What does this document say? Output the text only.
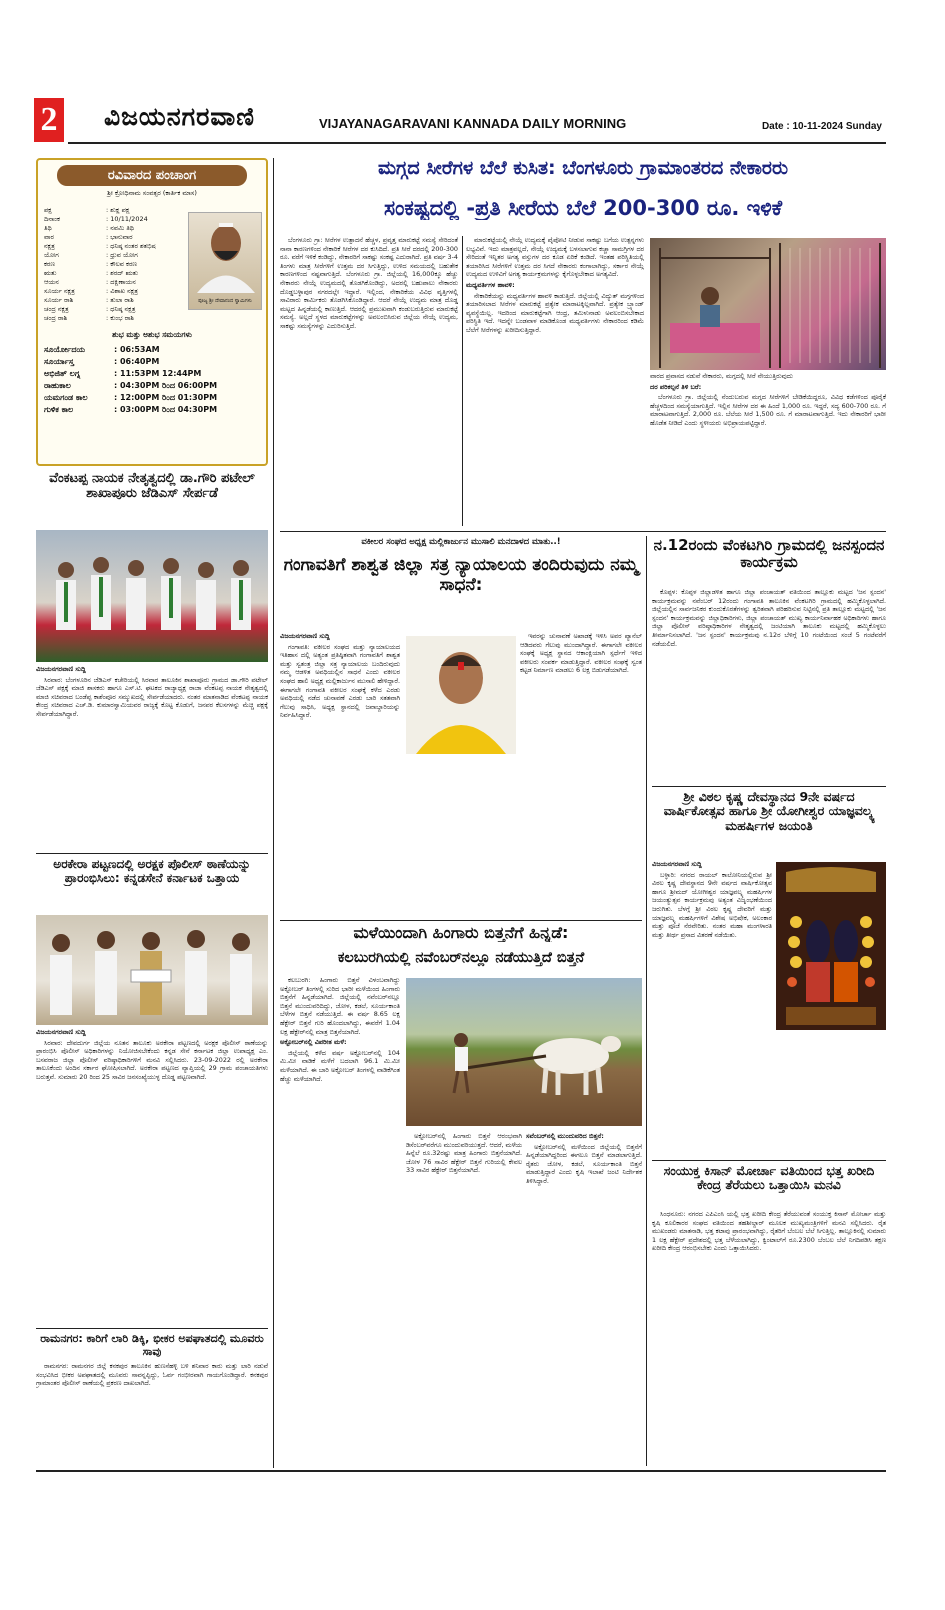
2 ವಿಜಯನಗರವಾಣಿ	VIJAYANAGARAVANI KANNADA DAILY MORNING	Date : 10-11-2024 Sunday
ರವಿವಾರದ ಪಂಚಾಂಗ
ಶ್ರೀ ಕ್ರೋಧಿನಾಮ ಸಂವತ್ಸರ (ಕಾರ್ತಿಕ ಮಾಸ)
ಪಕ್ಷ	: ಶುಕ್ಲ ಪಕ್ಷ
ದಿನಾಂಕ	: 10/11/2024
ತಿಥಿ	: ನವಮಿ ತಿಥಿ
ವಾರ	: ಭಾನುವಾರ
ನಕ್ಷತ್ರ	: ಧನಿಷ್ಠ ನಂತರ ಶತಭಿಷ
ಯೋಗ	: ಧ್ರುವ ಯೋಗ
ಕರಣ	: ಕೌಲವ ಕರಣ
ಋತು	: ಶರದ್ ಋತು
ಆಯನ	: ದಕ್ಷಿಣಾಯನ
ಸೂರ್ಯ ನಕ್ಷತ್ರ	: ವಿಶಾಖ ನಕ್ಷತ್ರ
ಸೂರ್ಯ ರಾಶಿ	: ತುಲಾ ರಾಶಿ
ಚಂದ್ರ ನಕ್ಷತ್ರ	: ಧನಿಷ್ಠ ನಕ್ಷತ್ರ
ಚಂದ್ರ ರಾಶಿ	: ಕುಂಭ ರಾಶಿ
ಪೂಜ್ಯ ಶ್ರೀ ದೇವಾನಂದ ಸ್ವಾಮಿಗಳು
ಶುಭ ಮತ್ತು ಅಶುಭ ಸಮಯಗಳು
ಸೂರ್ಯೋದಯ	: 06:53AM
ಸೂರ್ಯಾಸ್ತ	: 06:40PM
ಅಭಿಜಿತ್ ಲಗ್ನ	: 11:53PM 12:44PM
ರಾಹುಕಾಲ	: 04:30PM ರಿಂದ 06:00PM
ಯಮಗಂಡ ಕಾಲ	: 12:00PM ರಿಂದ 01:30PM
ಗುಳಿಕ ಕಾಲ	: 03:00PM ರಿಂದ 04:30PM
ವೆಂಕಟಪ್ಪ ನಾಯಕ ನೇತೃತ್ವದಲ್ಲಿ ಡಾ.ಗೌರಿ ಪಟೇಲ್ ಶಾಖಾಪೂರು ಜೆಡಿಎಸ್ ಸೇರ್ಪಡೆ
ವಿಜಯನಗರವಾಣಿ ಸುದ್ದಿ

ಸಿರವಾರ: ಬೆಂಗಳೂರಿನ ಜೆಡಿಎಸ್ ಕಚೇರಿಯಲ್ಲಿ ಸಿರವಾರ ತಾಲೂಕಿನ ಶಾಖಾಪೂರು ಗ್ರಾಮದ ಡಾ.ಗೌರಿ ಪಟೇಲ್ ಜೆಡಿಎಸ್ ಪಕ್ಷಕ್ಕೆ ಮಾಜಿ ಶಾಸಕರು ಹಾಗೂ ಎಸ್.ಟಿ. ಘಟಕದ ರಾಜ್ಯಾಧ್ಯಕ್ಷ ರಾಜಾ ವೆಂಕಟಪ್ಪ ನಾಯಕ ನೇತೃತ್ವದಲ್ಲಿ ಮಾಜಿ ಸಚಿವರಾದ ಬಂಡೆಪ್ಪ ಕಾಶೆಂಪೂರ ಸಮ್ಮುಖದಲ್ಲಿ ಸೇರ್ಪಡೆಯಾದರು. ನಂತರ ಮಾತನಾಡಿದ ವೆಂಕಟಪ್ಪ ನಾಯಕ ಕೇಂದ್ರ ಸಚಿವರಾದ ಎಚ್.ಡಿ. ಕುಮಾರಸ್ವಾಮಿಯವರ ರಾಜ್ಯಕ್ಕೆ ಕೊಟ್ಟ ಕೊಡುಗೆ, ಜನಪರ ಕೆಲಸಗಳನ್ನು ಮೆಚ್ಚಿ ಪಕ್ಷಕ್ಕೆ ಸೇರ್ಪಡೆಯಾಗಿದ್ದಾರೆ.

ಅರಕೇರಾ ಪಟ್ಟಣದಲ್ಲಿ ಅರಕ್ಷಕ ಪೊಲೀಸ್ ಠಾಣೆಯನ್ನು ಪ್ರಾರಂಭಿಸಿಲು: ಕನ್ನಡಸೇನೆ ಕರ್ನಾಟಕ ಒತ್ತಾಯ
ವಿಜಯನಗರವಾಣಿ ಸುದ್ದಿ

ಸಿರವಾರ: ದೇವದುರ್ಗ ಜಿಲ್ಲೆಯ ನೂತನ ತಾಲೂಕು ಅರಕೇರಾ ಪಟ್ಟಣದಲ್ಲಿ ಅರಕ್ಷಕ ಪೊಲೀಸ್ ಠಾಣೆಯನ್ನು ಪ್ರಾರಂಭಿಸಿ ಪೊಲೀಸ್ ಅಧಿಕಾರಿಗಳನ್ನು ನಿಯೋಜಿಸಬೇಕೆಂದು ಕನ್ನಡ ಸೇನೆ ಕರ್ನಾಟಕ ಜಿಲ್ಲಾ ಉಪಾಧ್ಯಕ್ಷ ಎಂ. ಬಸವರಾಜ ಜಿಲ್ಲಾ ಪೊಲೀಸ್ ವರಿಷ್ಠಾಧಿಕಾರಿಗಳಿಗೆ ಮನವಿ ಸಲ್ಲಿಸಿದರು. 23-09-2022 ರಲ್ಲಿ ಅರಕೇರಾ ತಾಲೂಕೆಂದು ಅಂದಿನ ಸರ್ಕಾರ ಘೋಷಿಸಲಾಗಿದೆ. ಅರಕೇರಾ ಪಟ್ಟಣದ ವ್ಯಾಪ್ತಿಯಲ್ಲಿ 29 ಗ್ರಾಮ ಪಂಚಾಯತಿಗಳು ಬರುತ್ತವೆ. ಸುಮಾರು 20 ರಿಂದ 25 ಸಾವಿರ ಜನಸಂಖ್ಯೆಯುಳ್ಳ ದೊಡ್ಡ ಪಟ್ಟಣವಾಗಿದೆ.

ರಾಮನಗರ: ಕಾರಿಗೆ ಲಾರಿ ಡಿಕ್ಕಿ, ಭೀಕರ ಅಪಘಾತದಲ್ಲಿ ಮೂವರು ಸಾವು

ರಾಮನಗರ: ರಾಮನಗರ ಜಿಲ್ಲೆ ಕನಕಪುರ ತಾಲೂಕಿನ ಹುಣಸೆಹಳ್ಳಿ ಬಳಿ ಶನಿವಾರ ಕಾರು ಮತ್ತು ಲಾರಿ ನಡುವೆ ಸಂಭವಿಸಿದ ಭೀಕರ ಅಪಘಾತದಲ್ಲಿ ಮೂವರು ಸಾವನ್ನಪ್ಪಿದ್ದು, ಓರ್ವ ಗಂಭೀರವಾಗಿ ಗಾಯಗೊಂಡಿದ್ದಾರೆ. ಕನಕಪುರ ಗ್ರಾಮಾಂತರ ಪೊಲೀಸ್ ಠಾಣೆಯಲ್ಲಿ ಪ್ರಕರಣ ದಾಖಲಾಗಿದೆ.

ಮಗ್ಗದ ಸೀರೆಗಳ ಬೆಲೆ ಕುಸಿತ: ಬೆಂಗಳೂರು ಗ್ರಾಮಾಂತರದ ನೇಕಾರರು
ಸಂಕಷ್ಟದಲ್ಲಿ -ಪ್ರತಿ ಸೀರೆಯ ಬೆಲೆ 200-300 ರೂ. ಇಳಿಕೆ

ಬೆಂಗಳೂರು ಗ್ರಾ: ಸೀರೆಗಳ ಉತ್ಪಾದನೆ ಹೆಚ್ಚಳ, ಪ್ರವೃತ್ತ ಮಾರುಕಟ್ಟೆ ಸಮಸ್ಯೆ ಸೇರಿದಂತೆ ನಾನಾ ಕಾರಣಗಳಿಂದ ನೇಕಾರಿಕೆ ಸೀರೆಗಳ ದರ ಕುಸಿದಿದೆ. ಪ್ರತಿ ಸೀರೆ ದರದಲ್ಲಿ 200-300 ರೂ. ವರೆಗೆ ಇಳಿಕೆ ಕಂಡಿದ್ದು, ನೇಕಾರರಿಗೆ ಸಾಕಷ್ಟು ಸಂಕಷ್ಟ ಎದುರಾಗಿದೆ. ಪ್ರತಿ ವರ್ಷ 3-4 ತಿಂಗಳು ಮಾತ್ರ ಸೀರೆಗಳಿಗೆ ಉತ್ತಮ ದರ ಸಿಗುತ್ತಿದ್ದು, ಉಳಿದ ಸಮಯದಲ್ಲಿ ಬಹುತೇಕ ಕಾರಣಗಳಿಂದ ನಷ್ಟವಾಗುತ್ತಿದೆ. ಬೆಂಗಳೂರು ಗ್ರಾ. ಜಿಲ್ಲೆಯಲ್ಲಿ 16,000ಕ್ಕೂ ಹೆಚ್ಚು ನೇಕಾರರು ನೇಯ್ಗೆ ಉದ್ಯಮದಲ್ಲಿ ತೊಡಗಿಕೊಂಡಿದ್ದು, ಅದರಲ್ಲಿ ಬಹುಪಾಲು ನೇಕಾರರು ದೊಡ್ಡಬಳ್ಳಾಪುರ ನಗರದಲ್ಲೇ ಇದ್ದಾರೆ. ಇಲ್ಲಿಂದ, ನೇಕಾರಿಕೆಯ ವಿವಿಧ ವೃತ್ತಿಗಳಲ್ಲಿ ಸಾವಿರಾರು ಕಾರ್ಮಿಕರು ತೊಡಗಿಸಿಕೊಂಡಿದ್ದಾರೆ. ಆದರೆ ನೇಯ್ಗೆ ಉದ್ಯಮ ಮಾತ್ರ ದೊಡ್ಡ ಮಟ್ಟದ ಹಿನ್ನಡೆಯಲ್ಲಿ ಕಾಣುತ್ತಿದೆ. ಆದರಲ್ಲಿ ಪ್ರಮುಖವಾಗಿ ಕಂಡುಬರುತ್ತಿರುವ ಮಾರುಕಟ್ಟೆ ಸಮಸ್ಯೆ. ಅಲ್ಲದೆ ಸ್ಥಳದ ಮಾರುಕಟ್ಟೆಗಳನ್ನು ಅವಲಂಬಿಸಿರುವ ಜಿಲ್ಲೆಯ ನೇಯ್ಗೆ ಉದ್ಯಮ, ಸಾಕಷ್ಟು ಸಮಸ್ಯೆಗಳನ್ನು ಎದುರಿಸುತ್ತಿದೆ.

ಮಾರುಕಟ್ಟೆಯಲ್ಲಿ ನೇಯ್ಗೆ ಉದ್ಯಮಕ್ಕೆ ಪೈಪೋಟಿ ನೀಡುವ ಸಾಕಷ್ಟು ಬಗೆಯ ಉತ್ಪನ್ನಗಳು ಲಭ್ಯವಿವೆ. ಇದು ಮಾತ್ರವಲ್ಲದೆ, ನೇಯ್ಗೆ ಉದ್ಯಮಕ್ಕೆ ಬಳಸಲಾಗುವ ಕಚ್ಚಾ ಸಾಮಗ್ರಿಗಳ ದರ ಸೇರಿದಂತೆ ಇನ್ನಿತರ ಅಗತ್ಯ ವಸ್ತುಗಳ ದರ ಕೂಡ ಏರಿಕೆ ಕಂಡಿದೆ. ಇಂತಹ ಪರಿಸ್ಥಿತಿಯಲ್ಲಿ ತಯಾರಿಸಿದ ಸೀರೆಗಳಿಗೆ ಉತ್ತಮ ದರ ಸಿಗದೆ ನೇಕಾರರು ಕಂಗಾಲಾಗಿದ್ದು, ಸರ್ಕಾರ ನೇಯ್ಗೆ ಉದ್ಯಮದ ಉಳಿವಿಗೆ ಅಗತ್ಯ ಕಾರ್ಯಕ್ರಮಗಳನ್ನು ಕೈಗೊಳ್ಳಬೇಕಾದ ಅಗತ್ಯವಿದೆ.

ಮಧ್ಯವರ್ತಿಗಳ ಹಾವಳಿ:

ನೇಕಾರಿಕೆಯನ್ನು ಮಧ್ಯವರ್ತಿಗಳ ಹಾವಳಿ ಕಾಡುತ್ತಿದೆ. ಜಿಲ್ಲೆಯಲ್ಲಿ ವಿದ್ಯುತ್ ಮಗ್ಗಗಳಿಂದ ತಯಾರಿಸಲಾದ ಸೀರೆಗಳ ಮಾರುಕಟ್ಟೆ ಪ್ರತ್ಯೇಕ ಮಾರಾಟಕ್ಕಿಲ್ಲವಾಗಿದೆ. ಪ್ರತ್ಯೇಕ ಬ್ರ್ಯಾಂಡ್ ವ್ಯವಸ್ಥೆಯಿಲ್ಲ. ಇದರಿಂದ ಮಾರುಕಟ್ಟೆಗಾಗಿ ಆಂಧ್ರ, ತಮಿಳುನಾಡು ಅವಲಂಬಿಸಬೇಕಾದ ಪರಿಸ್ಥಿತಿ ಇದೆ. ಇದನ್ನೇ ಬಂಡವಾಳ ಮಾಡಿಕೊಂಡ ಮಧ್ಯವರ್ತಿಗಳು ನೇಕಾರರಿಂದ ಕಡಿಮೆ ಬೆಲೆಗೆ ಸೀರೆಗಳನ್ನು ಖರೀದಿಸುತ್ತಿದ್ದಾರೆ.

ವಾರದ ಪ್ರವಾಸದ ನಡುವೆ ನೇಕಾರರು, ಮಗ್ಗದಲ್ಲಿ ಸೀರೆ ನೇಯುತ್ತಿರುವುದು

ದರ ಪರಿಕಲ್ಪನೆ ತಿಳಿ ಬರೆ:

ಬೆಂಗಳೂರು ಗ್ರಾ. ಜಿಲ್ಲೆಯಲ್ಲಿ ನೆಂದುಬರುವ ಮಗ್ಗದ ಸೀರೆಗಳಿಗೆ ಬೇಡಿಕೆಯಿದ್ದರೂ, ವಿವಿಧ ಕಡೆಗಳಿಂದ ಪೂರೈಕೆ ಹೆಚ್ಚಳದಿಂದ ಸಮಸ್ಯೆಯಾಗುತ್ತಿದೆ. ಇಲ್ಲಿನ ಸೀರೆಗಳ ದರ ಈ ಹಿಂದೆ 1,000 ರೂ. ಇದ್ದರೆ, ಸದ್ಯ 600-700 ರೂ. ಗೆ ಮಾರಾಟವಾಗುತ್ತಿದೆ. 2,000 ರೂ. ಬೆಲೆಯ ಸೀರೆ 1,500 ರೂ. ಗೆ ಮಾರಾಟವಾಗುತ್ತಿದೆ. ಇದು ನೇಕಾರರಿಗೆ ಭಾರೀ ಹೊಡೆತ ನೀಡಿದೆ ಎಂದು ಸ್ಥಳೀಯರು ಅಭಿಪ್ರಾಯಪಟ್ಟಿದ್ದಾರೆ.

ವಕೀಲರ ಸಂಘದ ಅಧ್ಯಕ್ಷ ಮಲ್ಲಿಕಾರ್ಜುನ ಮುಸಾಲಿ ಮನದಾಳದ ಮಾತು..!
ಗಂಗಾವತಿಗೆ ಶಾಶ್ವತ ಜಿಲ್ಲಾ ಸತ್ರ ನ್ಯಾಯಾಲಯ ತಂದಿರುವುದು ನಮ್ಮ ಸಾಧನೆ:
ವಿಜಯನಗರವಾಣಿ ಸುದ್ದಿ

ಗಂಗಾವತಿ: ವಕೀಲರ ಸಂಘದ ಮತ್ತು ನ್ಯಾಯಾಲಯದ ಇತಿಹಾಸ ದಲ್ಲಿ ಅತ್ಯಂತ ಪ್ರತಿಷ್ಠಿತವಾಗಿ ಗಂಗಾವತಿಗೆ ಶಾಶ್ವತ ಮತ್ತು ಸ್ವತಂತ್ರ ಜಿಲ್ಲಾ ಸತ್ರ ನ್ಯಾಯಾಲಯ ಬಂದಿರುವುದು ನಮ್ಮ ಆಡಳಿತ ಅವಧಿಯಲ್ಲಿನ ಸಾಧನೆ ಎಂದು ವಕೀಲರ ಸಂಘದ ಹಾಲಿ ಅಧ್ಯಕ್ಷ ಮಲ್ಲಿಕಾರ್ಜುನ ಮುಸಾಲಿ ಹೇಳಿದ್ದಾರೆ. ಈಗಾಗಲೇ ಗಂಗಾವತಿ ವಕೀಲರ ಸಂಘಕ್ಕೆ ಕಳೆದ ಎರಡು ಅವಧಿಯಲ್ಲಿ ನಡೆದ ಚುನಾವಣೆ ಎರಡು ಬಾರಿ ಸತತವಾಗಿ ಗೆಲುವು ಸಾಧಿಸಿ, ಅಧ್ಯಕ್ಷ ಸ್ಥಾನದಲ್ಲಿ ಜವಾಬ್ದಾರಿಯನ್ನು ನಿರ್ವಹಿಸಿದ್ದಾರೆ.

ಇವರನ್ನು ಚುನಾವಣೆ ಅಖಾಡಕ್ಕೆ ಇಳಿಸಿ ಅವರ ಪ್ಯಾನೆಲ್ ಆಡಿದವರು ಗೆಲುವು ಮುಂದಾಗಿದ್ದಾರೆ. ಈಗಾಗಲೇ ವಕೀಲರ ಸಂಘಕ್ಕೆ ಅಧ್ಯಕ್ಷ ಸ್ಥಾನದ ಆಕಾಂಕ್ಷಿಯಾಗಿ ಸ್ಪರ್ಧೆಗೆ ಇಳಿದ ವಕೀಲರು ಸಂಪರ್ಕ ಮಾಡುತ್ತಿದ್ದಾರೆ. ವಕೀಲರ ಸಂಘಕ್ಕೆ ಸ್ವಂತ ಕಟ್ಟಡ ನಿರ್ಮಾಣ ಮಾಡಲು 6 ಲಕ್ಷ ಬಿಡುಗಡೆಯಾಗಿದೆ.

ಮಳೆಯಿಂದಾಗಿ ಹಿಂಗಾರು ಬಿತ್ತನೆಗೆ ಹಿನ್ನಡೆ:
ಕಲಬುರಗಿಯಲ್ಲಿ ನವೆಂಬರ್‌ನಲ್ಲೂ ನಡೆಯುತ್ತಿದೆ ಬಿತ್ತನೆ

ಕಲಬುರಗಿ: ಹಿಂಗಾರು ಬಿತ್ತನೆ ವಿಳಂಬವಾಗಿದ್ದು ಅಕ್ಟೋಬರ್ ತಿಂಗಳಲ್ಲಿ ಸುರಿದ ಭಾರೀ ಮಳೆಯಿಂದ ಹಿಂಗಾರು ಬಿತ್ತನೆಗೆ ಹಿನ್ನಡೆಯಾಗಿದೆ. ಜಿಲ್ಲೆಯಲ್ಲಿ ನವೆಂಬರ್‌ನಲ್ಲೂ ಬಿತ್ತನೆ ಮುಂದುವರಿದಿದ್ದು, ಜೋಳ, ಕಡಲೆ, ಸೂರ್ಯಕಾಂತಿ ಬೆಳೆಗಳ ಬಿತ್ತನೆ ನಡೆಯುತ್ತಿದೆ. ಈ ವರ್ಷ 8.65 ಲಕ್ಷ ಹೆಕ್ಟೇರ್ ಬಿತ್ತನೆ ಗುರಿ ಹೊಂದಲಾಗಿದ್ದು, ಈವರೆಗೆ 1.04 ಲಕ್ಷ ಹೆಕ್ಟೇರ್‌ನಲ್ಲಿ ಮಾತ್ರ ಬಿತ್ತನೆಯಾಗಿದೆ.

ಅಕ್ಟೋಬರ್‌ನಲ್ಲಿ ವಿಪರೀತ ಮಳೆ:

ಜಿಲ್ಲೆಯಲ್ಲಿ ಕಳೆದ ವರ್ಷ ಅಕ್ಟೋಬರ್‌ನಲ್ಲಿ 104 ಮಿ.ಮೀ ವಾಡಿಕೆ ಮಳೆಗೆ ಬದಲಾಗಿ 96.1 ಮಿ.ಮೀ ಮಳೆಯಾಗಿದೆ. ಈ ಬಾರಿ ಅಕ್ಟೋಬರ್ ತಿಂಗಳಲ್ಲಿ ವಾಡಿಕೆಗಿಂತ ಹೆಚ್ಚು ಮಳೆಯಾಗಿದೆ.

ಅಕ್ಟೋಬರ್‌ನಲ್ಲಿ ಹಿಂಗಾರು ಬಿತ್ತನೆ ಆರಂಭವಾಗಿ ಡಿಸೆಂಬರ್‌ವರೆಗೂ ಮುಂದುವರಿಯುತ್ತದೆ. ಆದರೆ, ಮಳೆಯ ಹಿನ್ನೆಲೆ ರೂ.32ರಷ್ಟು ಮಾತ್ರ ಹಿಂಗಾರು ಬಿತ್ತನೆಯಾಗಿದೆ. ಜೋಳ 76 ಸಾವಿರ ಹೆಕ್ಟೇರ್ ಬಿತ್ತನೆ ಗುರಿಯಲ್ಲಿ ಕೇವಲ 33 ಸಾವಿರ ಹೆಕ್ಟೇರ್ ಬಿತ್ತನೆಯಾಗಿದೆ.

ಸವೆಂಬರ್‌ನಲ್ಲಿ ಮುಂದುವರಿದ ಬಿತ್ತನೆ:

ಅಕ್ಟೋಬರ್‌ನಲ್ಲಿ ಮಳೆಯಿಂದ ಜಿಲ್ಲೆಯಲ್ಲಿ ಬಿತ್ತನೆಗೆ ಹಿನ್ನಡೆಯಾಗಿದ್ದರಿಂದ ಈಗಲೂ ಬಿತ್ತನೆ ಮಾಡಲಾಗುತ್ತಿದೆ. ರೈತರು ಜೋಳ, ಕಡಲೆ, ಸೂರ್ಯಕಾಂತಿ ಬಿತ್ತನೆ ಮಾಡುತ್ತಿದ್ದಾರೆ ಎಂದು ಕೃಷಿ ಇಲಾಖೆ ಜಂಟಿ ನಿರ್ದೇಶಕ ತಿಳಿಸಿದ್ದಾರೆ.

ನ.12ರಂದು ವೆಂಕಟಗಿರಿ ಗ್ರಾಮದಲ್ಲಿ ಜನಸ್ಪಂದನ ಕಾರ್ಯಕ್ರಮ

ಕೊಪ್ಪಳ: ಕೊಪ್ಪಳ ಜಿಲ್ಲಾಡಳಿತ ಹಾಗೂ ಜಿಲ್ಲಾ ಪಂಚಾಯತ್ ವತಿಯಿಂದ ತಾಲ್ಲೂಕು ಮಟ್ಟದ 'ಜನ ಸ್ಪಂದನ' ಕಾರ್ಯಕ್ರಮವನ್ನು ನವೆಂಬರ್ 12ರಂದು ಗಂಗಾವತಿ ತಾಲೂಕಿನ ವೆಂಕಟಗಿರಿ ಗ್ರಾಮದಲ್ಲಿ ಹಮ್ಮಿಕೊಳ್ಳಲಾಗಿದೆ. ಜಿಲ್ಲೆಯಲ್ಲಿನ ಸಾರ್ವಜನಿಕರ ಕುಂದುಕೊರತೆಗಳನ್ನು ತ್ವರಿತವಾಗಿ ಪರಿಹರಿಸುವ ನಿಟ್ಟಿನಲ್ಲಿ ಪ್ರತಿ ತಾಲ್ಲೂಕು ಮಟ್ಟದಲ್ಲಿ 'ಜನ ಸ್ಪಂದನ' ಕಾರ್ಯಕ್ರಮವನ್ನು ಜಿಲ್ಲಾಧಿಕಾರಿಗಳು, ಜಿಲ್ಲಾ ಪಂಚಾಯತ್ ಮುಖ್ಯ ಕಾರ್ಯನಿರ್ವಾಹಕ ಅಧಿಕಾರಿಗಳು ಹಾಗೂ ಜಿಲ್ಲಾ ಪೊಲೀಸ್ ವರಿಷ್ಠಾಧಿಕಾರಿಗಳ ನೇತೃತ್ವದಲ್ಲಿ ಜಂಟಿಯಾಗಿ ತಾಲೂಕು ಮಟ್ಟದಲ್ಲಿ ಹಮ್ಮಿಕೊಳ್ಳಲು ತೀರ್ಮಾನಿಸಲಾಗಿದೆ. 'ಜನ ಸ್ಪಂದನ' ಕಾರ್ಯಕ್ರಮವು ನ.12ರ ಬೆಳಿಗ್ಗೆ 10 ಗಂಟೆಯಿಂದ ಸಂಜೆ 5 ಗಂಟೆವರೆಗೆ ನಡೆಯಲಿದೆ.

ಶ್ರೀ ವಿಠಲ ಕೃಷ್ಣ ದೇವಸ್ಥಾನದ 9ನೇ ವರ್ಷದ ವಾರ್ಷಿಕೋತ್ಸವ ಹಾಗೂ ಶ್ರೀ ಯೋಗೀಶ್ವರ ಯಾಜ್ಞವಲ್ಕ್ಯ ಮಹರ್ಷಿಗಳ ಜಯಂತಿ
ವಿಜಯನಗರವಾಣಿ ಸುದ್ದಿ

ಬಳ್ಳಾರಿ: ನಗರದ ರಾಯಲ್ ಕಾಲೋನಿಯಲ್ಲಿರುವ ಶ್ರೀ ವಿಠಲ ಕೃಷ್ಣ ದೇವಸ್ಥಾನದ 9ನೇ ವರ್ಷದ ವಾರ್ಷಿಕೋತ್ಸವ ಹಾಗೂ ಶ್ರೀಮದ್ ಯೋಗೀಶ್ವರ ಯಾಜ್ಞವಲ್ಕ್ಯ ಮಹರ್ಷಿಗಳ ಜಯಂತ್ಯುತ್ಸವ ಕಾರ್ಯಕ್ರಮವು ಅತ್ಯಂತ ವಿಜೃಂಭಣೆಯಿಂದ ಜರುಗಿತು. ಬೆಳಗ್ಗೆ ಶ್ರೀ ವಿಠಲ ಕೃಷ್ಣ ದೇವರಿಗೆ ಮತ್ತು ಯಾಜ್ಞವಲ್ಕ್ಯ ಮಹರ್ಷಿಗಳಿಗೆ ವಿಶೇಷ ಅಭಿಷೇಕ, ಅಲಂಕಾರ ಮತ್ತು ಪೂಜೆ ನೆರವೇರಿತು. ನಂತರ ಮಹಾ ಮಂಗಳಾರತಿ ಮತ್ತು ತೀರ್ಥ ಪ್ರಸಾದ ವಿತರಣೆ ನಡೆಯಿತು.

ಸಂಯುಕ್ತ ಕಿಸಾನ್ ಮೋರ್ಚಾ ವತಿಯಿಂದ ಭತ್ತ ಖರೀದಿ ಕೇಂದ್ರ ತೆರೆಯಲು ಒತ್ತಾಯಿಸಿ ಮನವಿ

ಸಿಂಧನೂರು: ನಗರದ ಎಪಿಎಂಸಿ ಯಲ್ಲಿ ಭತ್ತ ಖರೀದಿ ಕೇಂದ್ರ ತೆರೆಯುವಂತೆ ಸಂಯುಕ್ತ ಕಿಸಾನ್ ಮೋರ್ಚಾ ಮತ್ತು ಕೃಷಿ ಕೂಲಿಕಾರರ ಸಂಘದ ವತಿಯಿಂದ ತಹಶೀಲ್ದಾರ್ ಮೂಲಕ ಮುಖ್ಯಮಂತ್ರಿಗಳಿಗೆ ಮನವಿ ಸಲ್ಲಿಸಿದರು. ರೈತ ಮುಖಂಡರು ಮಾತನಾಡಿ, ಭತ್ತ ಕಟಾವು ಪ್ರಾರಂಭವಾಗಿದ್ದು, ರೈತರಿಗೆ ಬೆಂಬಲ ಬೆಲೆ ಸಿಗುತ್ತಿಲ್ಲ. ತಾಲ್ಲೂಕಿನಲ್ಲಿ ಸುಮಾರು 1 ಲಕ್ಷ ಹೆಕ್ಟೇರ್ ಪ್ರದೇಶದಲ್ಲಿ ಭತ್ತ ಬೆಳೆಯಲಾಗಿದ್ದು, ಕ್ವಿಂಟಾಲ್‌ಗೆ ರೂ.2300 ಬೆಂಬಲ ಬೆಲೆ ನಿಗದಿಪಡಿಸಿ ತಕ್ಷಣ ಖರೀದಿ ಕೇಂದ್ರ ಆರಂಭಿಸಬೇಕು ಎಂದು ಒತ್ತಾಯಿಸಿದರು.
